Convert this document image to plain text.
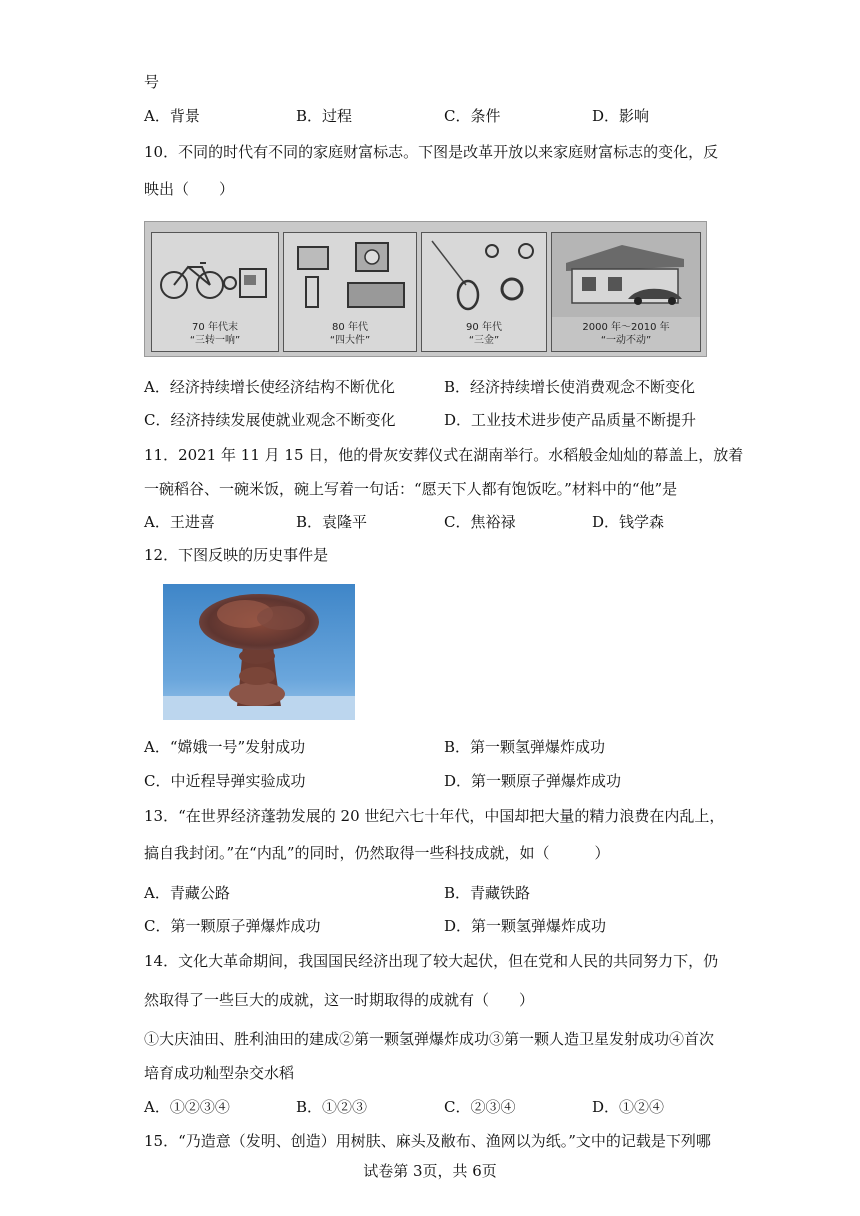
号
A．背景	B．过程	C．条件	D．影响
10．不同的时代有不同的家庭财富标志。下图是改革开放以来家庭财富标志的变化，反
映出（　　）
70 年代末
“三转一响”
80 年代
“四大件”
90 年代
“三金”
2000 年～2010 年
“一动不动”
A．经济持续增长使经济结构不断优化	B．经济持续增长使消费观念不断变化
C．经济持续发展使就业观念不断变化	D．工业技术进步使产品质量不断提升
11．2021 年 11 月 15 日，他的骨灰安葬仪式在湖南举行。水稻般金灿灿的幕盖上，放着
一碗稻谷、一碗米饭，碗上写着一句话：“愿天下人都有饱饭吃。”材料中的“他”是
A．王进喜	B．袁隆平	C．焦裕禄	D．钱学森
12．下图反映的历史事件是
A．“嫦娥一号”发射成功	B．第一颗氢弹爆炸成功
C．中近程导弹实验成功	D．第一颗原子弹爆炸成功
13．“在世界经济蓬勃发展的 20 世纪六七十年代，中国却把大量的精力浪费在内乱上，
搞自我封闭。”在“内乱”的同时，仍然取得一些科技成就，如（　　　）
A．青藏公路	B．青藏铁路
C．第一颗原子弹爆炸成功	D．第一颗氢弹爆炸成功
14．文化大革命期间，我国国民经济出现了较大起伏，但在党和人民的共同努力下，仍
然取得了一些巨大的成就，这一时期取得的成就有（　　）
①大庆油田、胜利油田的建成②第一颗氢弹爆炸成功③第一颗人造卫星发射成功④首次
培育成功籼型杂交水稻
A．①②③④	B．①②③	C．②③④	D．①②④
15．“乃造意（发明、创造）用树肤、麻头及敝布、渔网以为纸。”文中的记载是下列哪
试卷第 3页，共 6页
